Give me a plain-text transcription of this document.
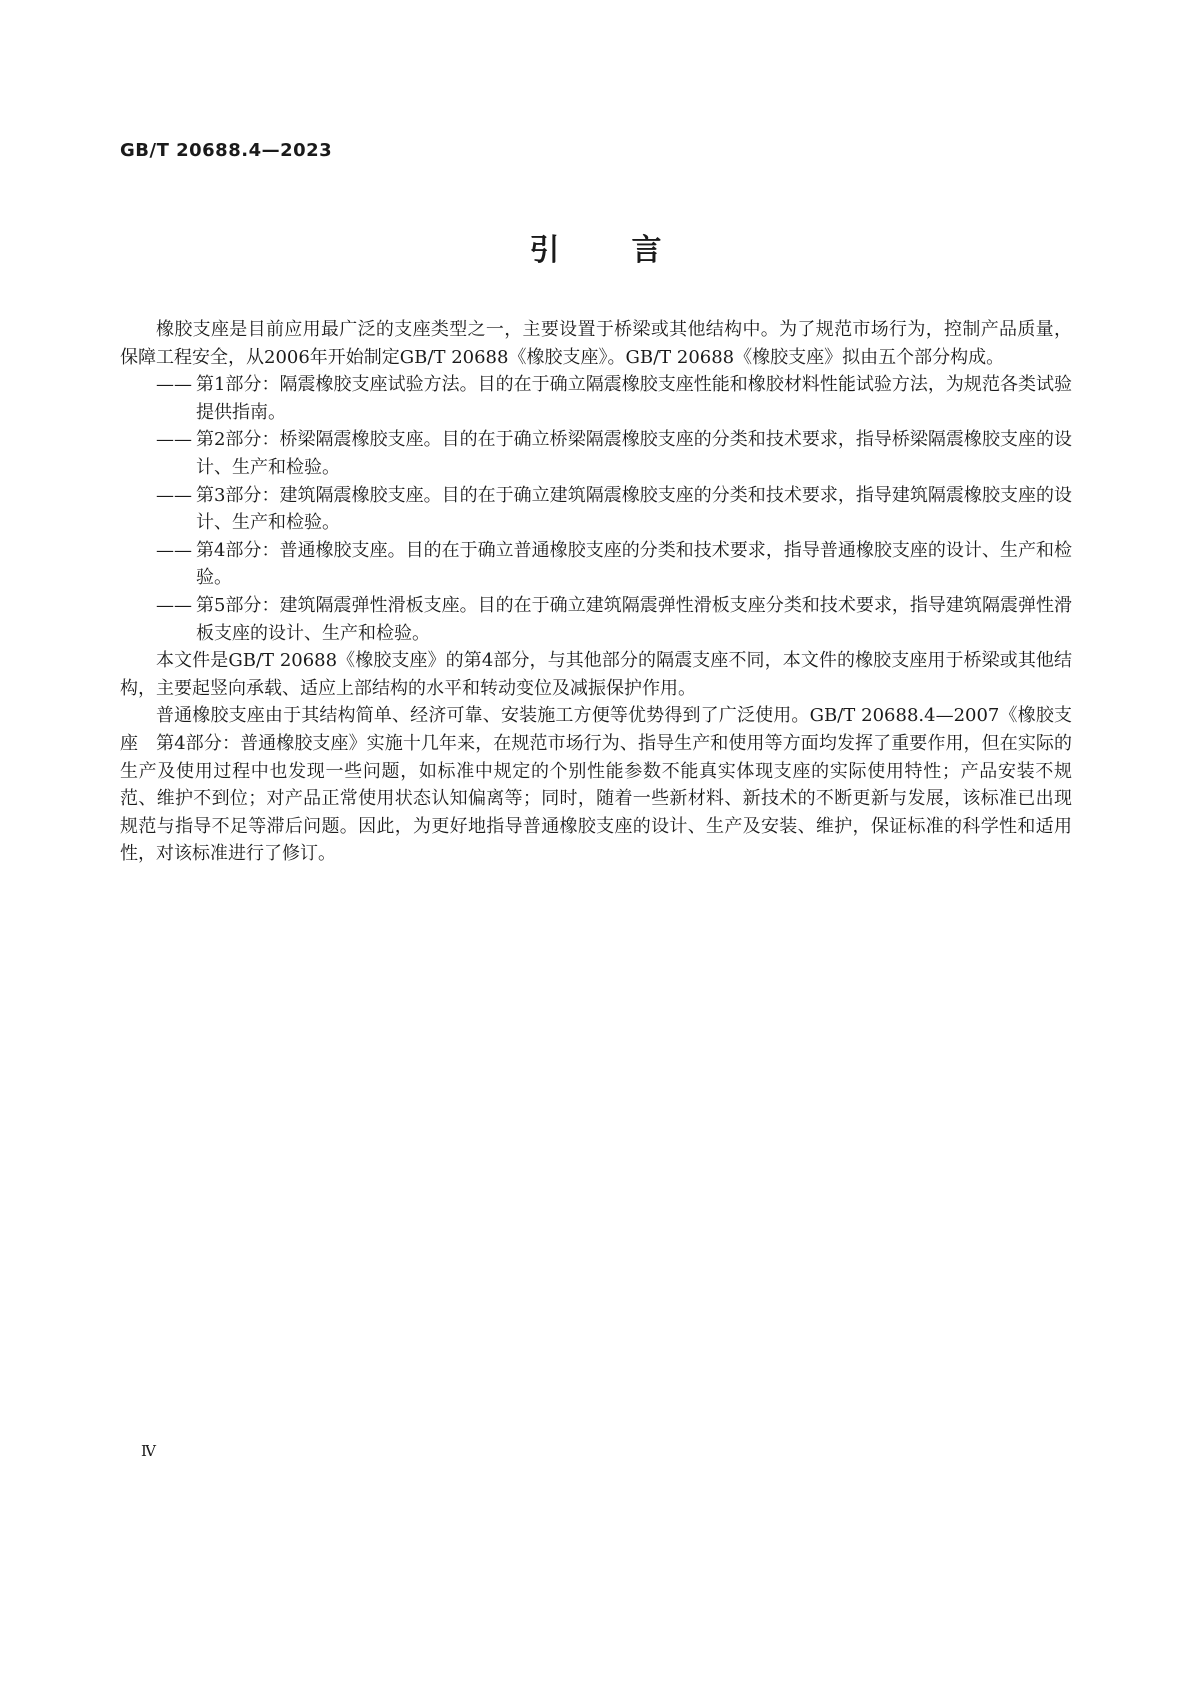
GB/T 20688.4—2023

引言

橡胶支座是目前应用最广泛的支座类型之一，主要设置于桥梁或其他结构中。为了规范市场行为，控制产品质量，保障工程安全，从2006年开始制定GB/T 20688《橡胶支座》。GB/T 20688《橡胶支座》拟由五个部分构成。

—— 第1部分：隔震橡胶支座试验方法。目的在于确立隔震橡胶支座性能和橡胶材料性能试验方法，为规范各类试验提供指南。

—— 第2部分：桥梁隔震橡胶支座。目的在于确立桥梁隔震橡胶支座的分类和技术要求，指导桥梁隔震橡胶支座的设计、生产和检验。

—— 第3部分：建筑隔震橡胶支座。目的在于确立建筑隔震橡胶支座的分类和技术要求，指导建筑隔震橡胶支座的设计、生产和检验。

—— 第4部分：普通橡胶支座。目的在于确立普通橡胶支座的分类和技术要求，指导普通橡胶支座的设计、生产和检验。

—— 第5部分：建筑隔震弹性滑板支座。目的在于确立建筑隔震弹性滑板支座分类和技术要求，指导建筑隔震弹性滑板支座的设计、生产和检验。

本文件是GB/T 20688《橡胶支座》的第4部分，与其他部分的隔震支座不同，本文件的橡胶支座用于桥梁或其他结构，主要起竖向承载、适应上部结构的水平和转动变位及减振保护作用。

普通橡胶支座由于其结构简单、经济可靠、安装施工方便等优势得到了广泛使用。GB/T 20688.4—2007《橡胶支座　第4部分：普通橡胶支座》实施十几年来，在规范市场行为、指导生产和使用等方面均发挥了重要作用，但在实际的生产及使用过程中也发现一些问题，如标准中规定的个别性能参数不能真实体现支座的实际使用特性；产品安装不规范、维护不到位；对产品正常使用状态认知偏离等；同时，随着一些新材料、新技术的不断更新与发展，该标准已出现规范与指导不足等滞后问题。因此，为更好地指导普通橡胶支座的设计、生产及安装、维护，保证标准的科学性和适用性，对该标准进行了修订。

Ⅳ
